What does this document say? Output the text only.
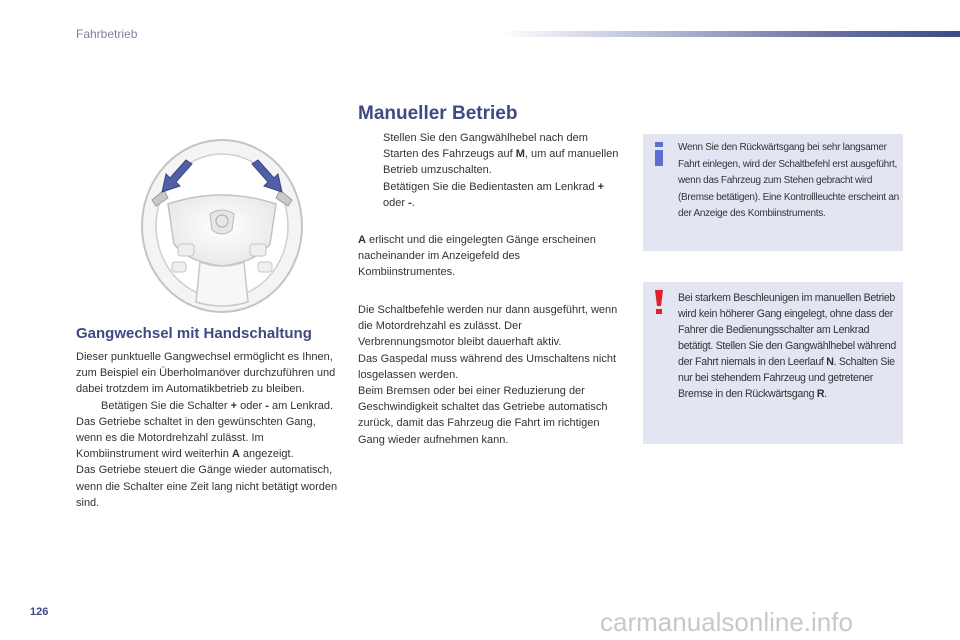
Fahrbetrieb
Gangwechsel mit Handschaltung
Dieser punktuelle Gangwechsel ermöglicht es Ihnen, zum Beispiel ein Überholmanöver durchzuführen und dabei trotzdem im Automatikbetrieb zu bleiben.
Betätigen Sie die Schalter + oder - am Lenkrad.
Das Getriebe schaltet in den gewünschten Gang, wenn es die Motordrehzahl zulässt. Im Kombiinstrument wird weiterhin A angezeigt.
Das Getriebe steuert die Gänge wieder automatisch, wenn die Schalter eine Zeit lang nicht betätigt worden sind.
Manueller Betrieb
Stellen Sie den Gangwählhebel nach dem Starten des Fahrzeugs auf M, um auf manuellen Betrieb umzuschalten.
Betätigen Sie die Bedientasten am Lenkrad + oder -.
A erlischt und die eingelegten Gänge erscheinen nacheinander im Anzeigefeld des Kombiinstrumentes.
Die Schaltbefehle werden nur dann ausgeführt, wenn die Motordrehzahl es zulässt. Der Verbrennungsmotor bleibt dauerhaft aktiv.
Das Gaspedal muss während des Umschaltens nicht losgelassen werden.
Beim Bremsen oder bei einer Reduzierung der Geschwindigkeit schaltet das Getriebe automatisch zurück, damit das Fahrzeug die Fahrt im richtigen Gang wieder aufnehmen kann.
Wenn Sie den Rückwärtsgang bei sehr langsamer Fahrt einlegen, wird der Schaltbefehl erst ausgeführt, wenn das Fahrzeug zum Stehen gebracht wird (Bremse betätigen). Eine Kontrollleuchte erscheint an der Anzeige des Kombiinstruments.
Bei starkem Beschleunigen im manuellen Betrieb wird kein höherer Gang eingelegt, ohne dass der Fahrer die Bedienungsschalter am Lenkrad betätigt. Stellen Sie den Gangwählhebel während der Fahrt niemals in den Leerlauf N. Schalten Sie nur bei stehendem Fahrzeug und getretener Bremse in den Rückwärtsgang R.
126	carmanualsonline.info
